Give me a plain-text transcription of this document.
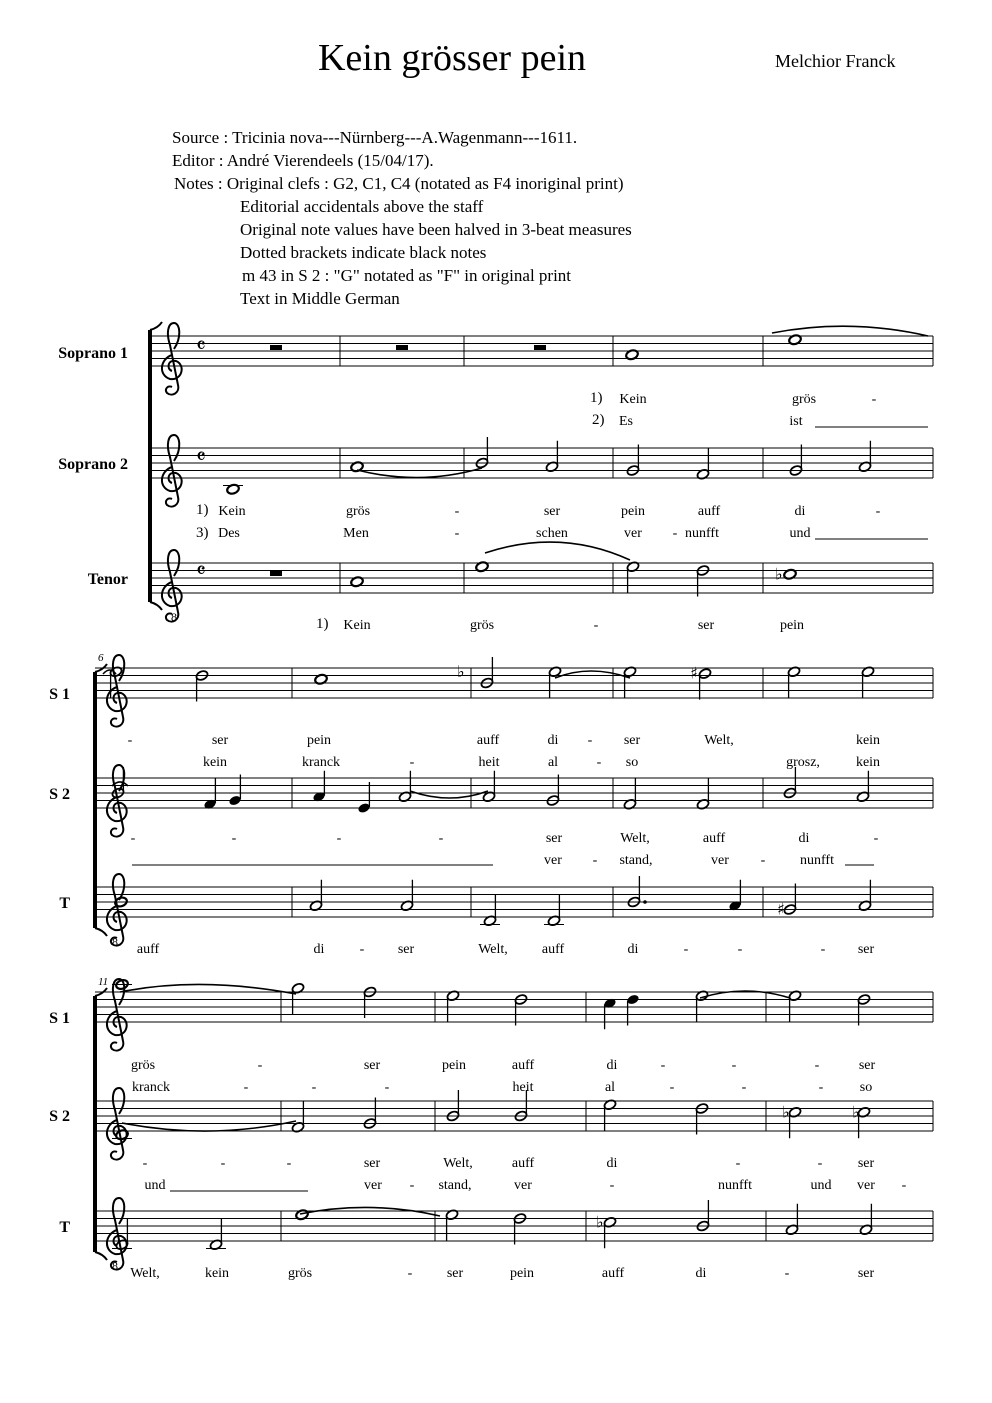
Kein grösser pein	Melchior Franck
Source : Tricinia nova---Nürnberg---A.Wagenmann---1611.
Editor : André Vierendeels (15/04/17).
Notes : Original clefs : G2, C1, C4 (notated as F4 inoriginal print)
Editorial accidentals above the staff
Original note values have been halved in 3-beat measures
Dotted brackets indicate black notes
m 43 in S 2 : "G" notated as "F" in original print
Text in Middle German
Soprano 1
Soprano 2
Tenor
S 1
S 2
T
S 1
S 2
T
6
11
1)
2)
Kein	grös	-
Es	ist
1)
3)
Kein	grös	-	ser	pein	auff	di	-
Des	Men	-	schen	ver - nunfft	und
1) Kein	grös	-	ser	pein
-	ser	pein	auff	di - ser	Welt,	kein
kein	kranck	-	heit	al	- so	grosz,	kein
-	-	-	-	ser	Welt,	auff	di	-
ver - stand,	ver - nunfft
auff	di	- ser	Welt, auff	di	-	-	- ser
grös	-	ser	pein	auff	di	-	-	-	ser
kranck	-	-	-	heit	al	-	-	-	so
-	-	-	ser	Welt,	auff	di	-	-	ser
und	ver - stand,	ver	-	nunfft	und ver -
Welt,	kein	grös	- ser	pein	auff	di	-	ser
𝄴
𝄴
𝄴	♭
♭	♯
♯
♭
♭
♭
8
8
8
